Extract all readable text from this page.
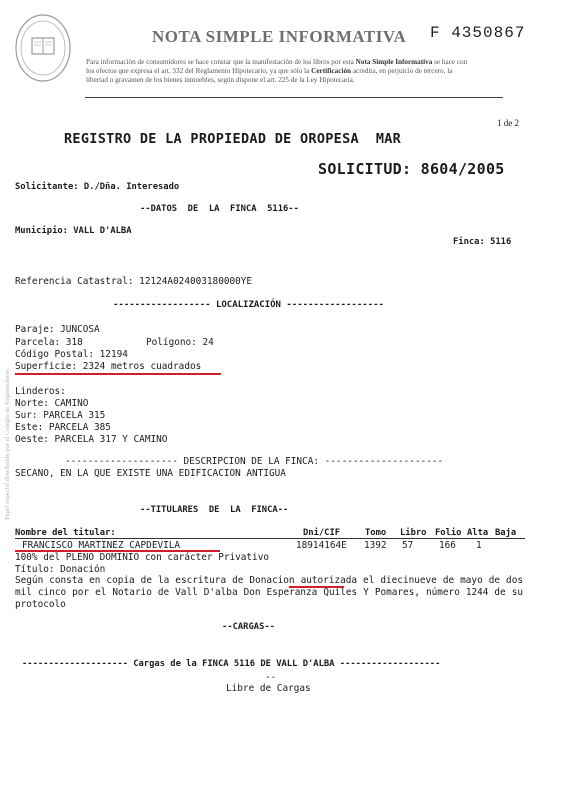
Papel especial distribuido por el Colegio de Registradores
NOTA SIMPLE INFORMATIVA F 4350867
Para información de consumidores se hace constar que la manifestación de los libros por esta Nota Simple Informativa se hace con los efectos que expresa el art. 332 del Reglamento Hipotecario, ya que sólo la Certificación acredita, en perjuicio de tercero, la libertad o gravamen de los bienes inmuebles, según dispone el art. 225 de la Ley Hipotecaria.
1 de 2
REGISTRO DE LA PROPIEDAD DE OROPESA  MAR
SOLICITUD: 8604/2005
Solicitante: D./Dña. Interesado
--DATOS  DE  LA  FINCA  5116--
Municipio: VALL D'ALBA
Finca: 5116
Referencia Catastral: 12124A024003180000YE
------------------ LOCALIZACIÓN ------------------
Paraje: JUNCOSA
Parcela: 318	Polígono: 24
Código Postal: 12194
Superficie: 2324 metros cuadrados
Linderos:
Norte: CAMINO
Sur: PARCELA 315
Este: PARCELA 385
Oeste: PARCELA 317 Y CAMINO
-------------------- DESCRIPCION DE LA FINCA: ---------------------
SECANO, EN LA QUE EXISTE UNA EDIFICACION ANTIGUA
--TITULARES  DE  LA  FINCA--
Nombre del titular:	Dni/CIF	Tomo Libro Folio Alta Baja
FRANCISCO MARTINEZ CAPDEVILA	18914164E 1392 57	166 1
100% del PLENO DOMINIO con carácter Privativo
Título: Donación
Según consta en copia de la escritura de Donacion autorizada el diecinueve de mayo de dos mil cinco por el Notario de Vall D'alba Don Esperanza Quiles Y Pomares, número 1244 de su protocolo
--CARGAS--
-------------------- Cargas de la FINCA 5116 DE VALL D'ALBA -------------------
--
Libre de Cargas
